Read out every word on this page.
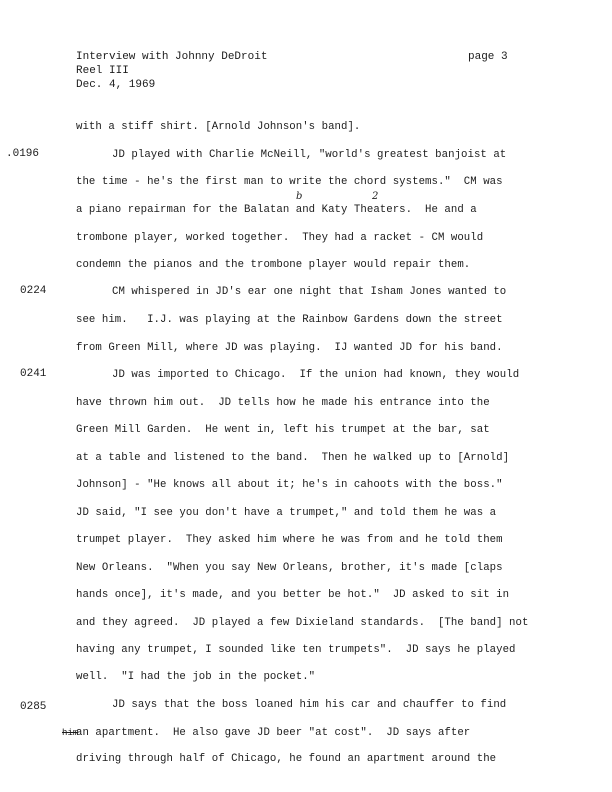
Interview with Johnny DeDroit
Reel III
Dec. 4, 1969
page 3
.0196
0224
0241
0285
with a stiff shirt. [Arnold Johnson's band].
JD played with Charlie McNeill, "world's greatest banjoist at
the time - he's the first man to write the chord systems."  CM was
a piano repairman for the Balatan and Katy Theaters.  He and a
trombone player, worked together.  They had a racket - CM would
condemn the pianos and the trombone player would repair them.
CM whispered in JD's ear one night that Isham Jones wanted to
see him.   I.J. was playing at the Rainbow Gardens down the street
from Green Mill, where JD was playing.  IJ wanted JD for his band.
JD was imported to Chicago.  If the union had known, they would
have thrown him out.  JD tells how he made his entrance into the
Green Mill Garden.  He went in, left his trumpet at the bar, sat
at a table and listened to the band.  Then he walked up to [Arnold]
Johnson] - "He knows all about it; he's in cahoots with the boss."
JD said, "I see you don't have a trumpet," and told them he was a
trumpet player.  They asked him where he was from and he told them
New Orleans.  "When you say New Orleans, brother, it's made [claps
hands once], it's made, and you better be hot."  JD asked to sit in
and they agreed.  JD played a few Dixieland standards.  [The band] not
having any trumpet, I sounded like ten trumpets".  JD says he played
well.  "I had the job in the pocket."
JD says that the boss loaned him his car and chauffer to find
an apartment.  He also gave JD beer "at cost".  JD says after
driving through half of Chicago, he found an apartment around the
him
b	2
